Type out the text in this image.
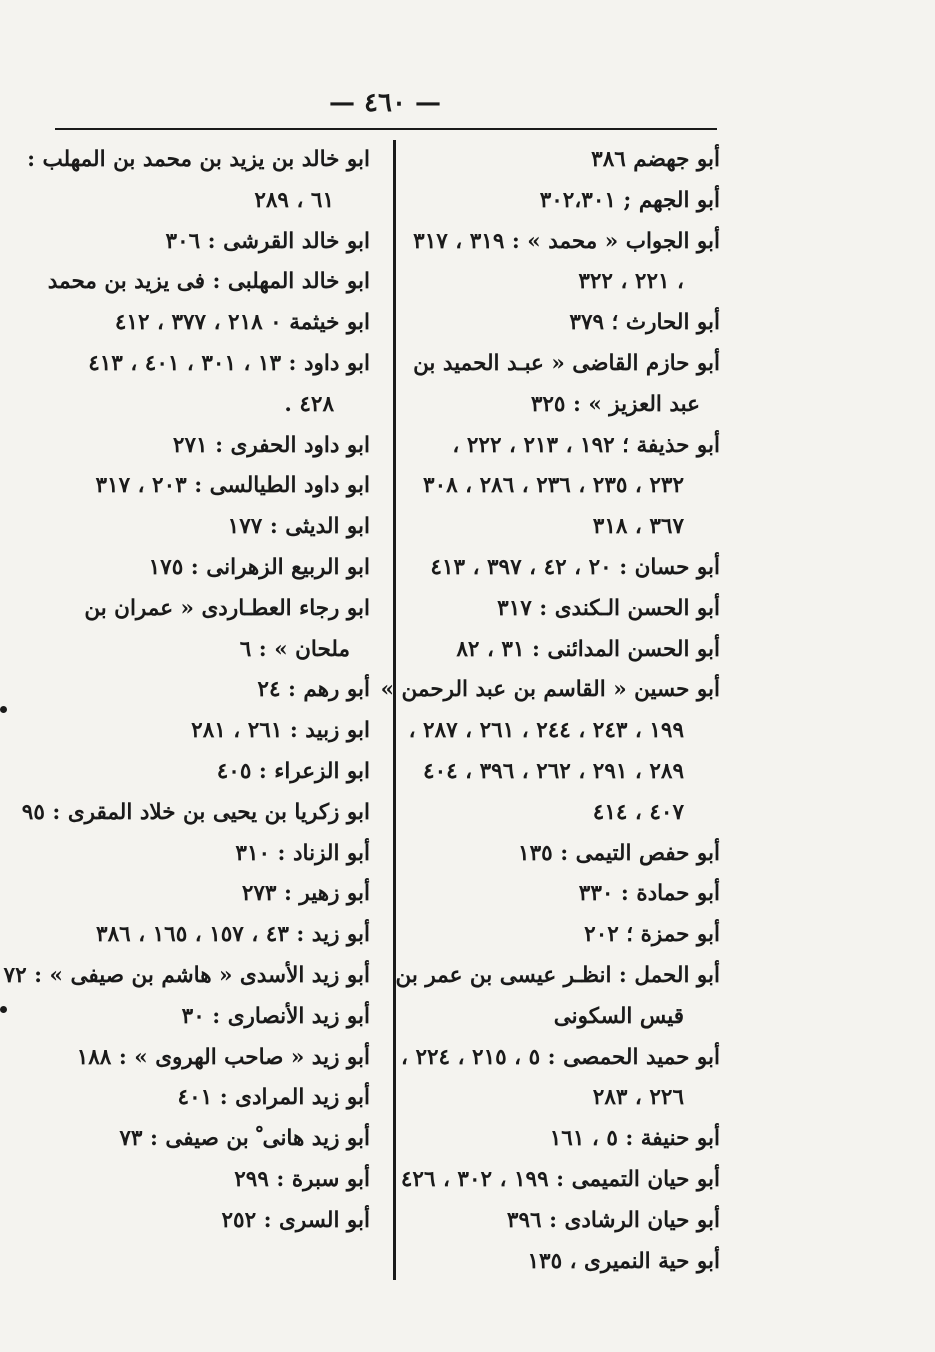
— ٤٦٠ —
أبو جهضم ٣٨٦
أبو الجهم ; ٣٠٢،٣٠١
أبو الجواب « محمد » : ٣١٩ ، ٣١٧
، ٢٢١ ، ٣٢٢
أبو الحارث ؛ ٣٧٩
أبو حازم القاضى « عبـد الحميد بن
عبد العزيز » : ٣٢٥
أبو حذيفة ؛ ١٩٢ ، ٢١٣ ، ٢٢٢ ،
٢٣٢ ، ٢٣٥ ، ٢٣٦ ، ٢٨٦ ، ٣٠٨
٣٦٧ ، ٣١٨
أبو حسان : ٢٠ ، ٤٢ ، ٣٩٧ ، ٤١٣
أبو الحسن الـكندى : ٣١٧
أبو الحسن المدائنى : ٣١ ، ٨٢
أبو حسين « القاسم بن عبد الرحمن »
١٩٩ ، ٢٤٣ ، ٢٤٤ ، ٢٦١ ، ٢٨٧ ،
٢٨٩ ، ٢٩١ ، ٢٦٢ ، ٣٩٦ ، ٤٠٤
٤٠٧ ، ٤١٤
أبو حفص التيمى : ١٣٥
أبو حمادة : ٣٣٠
أبو حمزة ؛ ٢٠٢
أبو الحمل : انظـر عيسى بن عمر بن
قيس السكونى
أبو حميد الحمصى : ٥ ، ٢١٥ ، ٢٢٤ ،
٢٢٦ ، ٢٨٣
أبو حنيفة : ٥ ، ١٦١
أبو حيان التميمى : ١٩٩ ، ٣٠٢ ، ٤٢٦
أبو حيان الرشادى : ٣٩٦
أبو حية النميرى ، ١٣٥
ابو خالد بن يزيد بن محمد بن المهلب :
٦١ ، ٢٨٩
ابو خالد القرشى : ٣٠٦
ابو خالد المهلبى : فى يزيد بن محمد
ابو خيثمة ٠ ٢١٨ ، ٣٧٧ ، ٤١٢
ابو داود : ١٣ ، ٣٠١ ، ٤٠١ ، ٤١٣
٤٢٨ .
ابو داود الحفرى : ٢٧١
ابو داود الطيالسى : ٢٠٣ ، ٣١٧
ابو الديثى : ١٧٧
ابو الربيع الزهرانى : ١٧٥
ابو رجاء العطـاردى « عمران بن
ملحان » : ٦
أبو رهم : ٢٤
ابو زبيد : ٢٦١ ، ٢٨١
ابو الزعراء : ٤٠٥
ابو زكريا بن يحيى بن خلاد المقرى : ٩٥
أبو الزناد : ٣١٠
أبو زهير : ٢٧٣
أبو زيد : ٤٣ ، ١٥٧ ، ١٦٥ ، ٣٨٦
أبو زيد الأسدى « هاشم بن صيفى » : ٧٢
أبو زيد الأنصارى : ٣٠
أبو زيد « صاحب الهروى » : ١٨٨
أبو زيد المرادى : ٤٠١
أبو زيد هانى ْ بن صيفى : ٧٣
أبو سبرة : ٢٩٩
أبو السرى : ٢٥٢
